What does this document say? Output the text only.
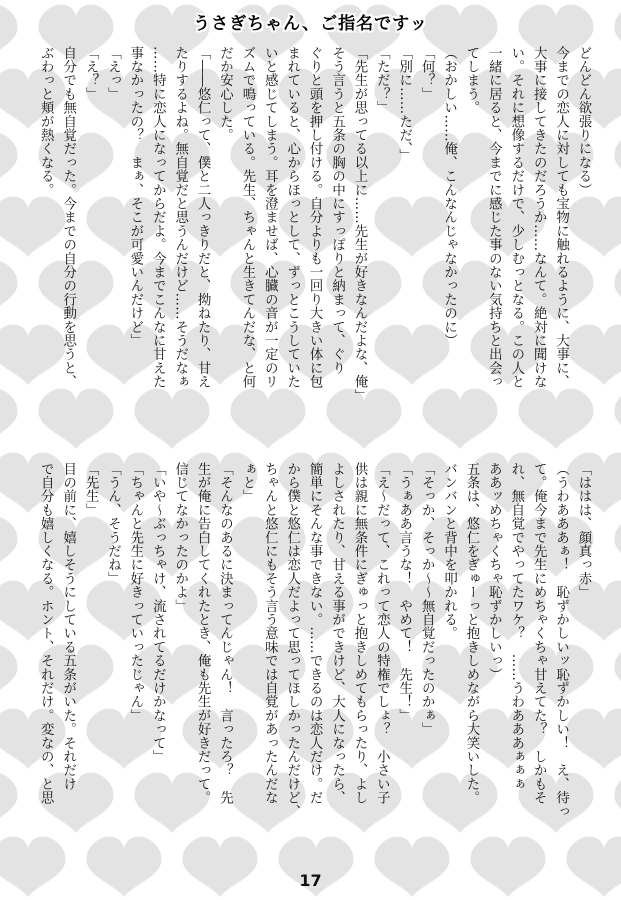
うさぎちゃん、ご指名ですッ
どんどん欲張りになる）
今までの恋人に対しても宝物に触れるように、大事に、
大事に接してきたのだろうか……なんて。絶対に聞けな
い。それに想像するだけで、少しむっとなる。この人と
一緒に居ると、今までに感じた事のない気持ちと出会っ
てしまう。
（おかしい……俺、こんなんじゃなかったのに）
「何？」
「別に……ただ、」
「ただ？」
「先生が思ってる以上に……先生が好きなんだよな、俺」
そう言うと五条の胸の中にすっぽりと納まって、ぐり
ぐりと頭を押し付ける。自分よりも一回り大きい体に包
まれていると、心からほっとして、ずっとこうしていた
いと感じてしまう。耳を澄ませば、心臓の音が一定のリ
ズムで鳴っている。先生、ちゃんと生きてんだな、と何
だか安心した。
「――悠仁って、僕と二人っきりだと、拗ねたり、甘え
たりするよね。無自覚だと思うんだけど……そうだなぁ
……特に恋人になってからだよ。今までこんなに甘えた
事なかったの？　まぁ、そこが可愛いんだけど」
「えっ」
「え？」
自分でも無自覚だった。今までの自分の行動を思うと、
ぶわっと頬が熱くなる。
「ははは、顔真っ赤」
（うわあああぁ！　恥ずかしいッ恥ずかしい！　え、待っ
て。俺今まで先生にめちゃくちゃ甘えてた？　しかもそ
れ、無自覚でやってたワケ？　……うわあああぁぁぁ
ああッめちゃくちゃ恥ずかしいっ）
五条は、悠仁をぎゅーっと抱きしめながら大笑いした。
バンバンと背中を叩かれる。
「そっか、そっか～～無自覚だったのかぁ」
「うぁああ言うな！　やめて！　先生！」
「え～だって、これって恋人の特権でしょ？　小さい子
供は親に無条件にぎゅっと抱きしめてもらったり、よし
よしされたり、甘える事ができけど、大人になったら、
簡単にそんな事できない。……できるのは恋人だけ。だ
から僕と悠仁は恋人だよって思ってほしかったんだけど、
ちゃんと悠仁にもそう言う意味では自覚があったんだな
ぁと」
「そんなのあるに決まってんじゃん！　言ったろ？　先
生が俺に告白してくれたとき、俺も先生が好きだって。
信じてなかったのかよ」
「いや～ぶっちゃけ、流されてるだけかなって」
「ちゃんと先生に好きっていったじゃん」
「うん、そうだね」
「先生」
目の前に、嬉しそうにしている五条がいた。それだけ
で自分も嬉しくなる。ホント、それだけ。変なの、と思
17
